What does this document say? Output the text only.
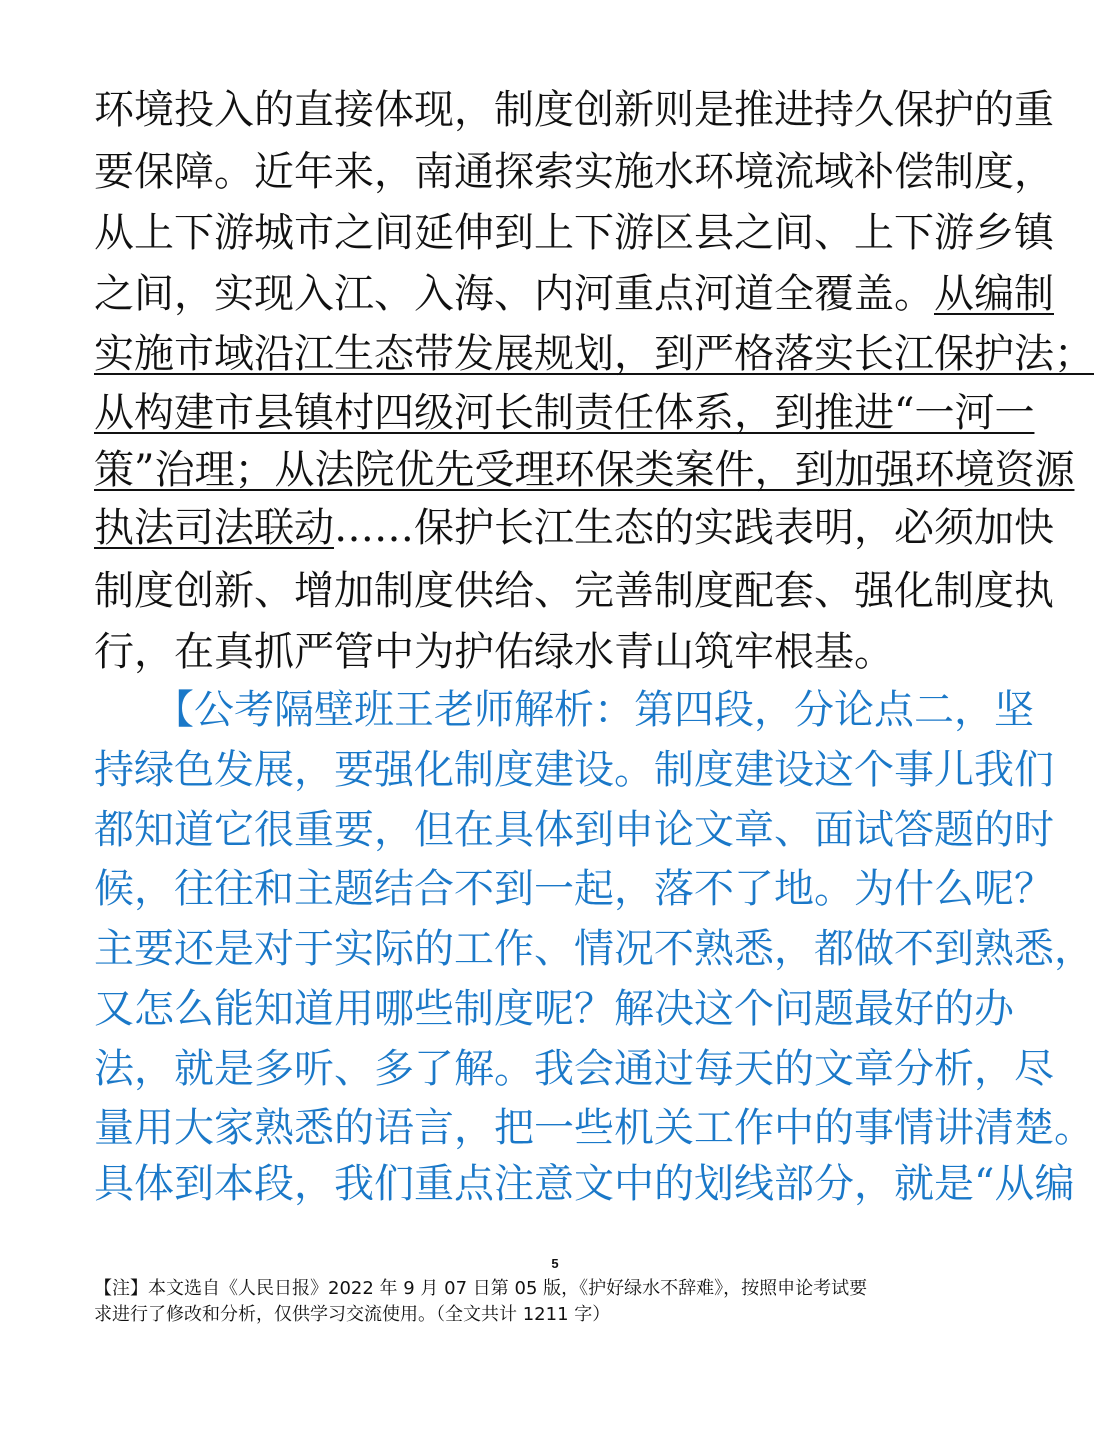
环境投入的直接体现，制度创新则是推进持久保护的重
要保障。近年来，南通探索实施水环境流域补偿制度，
从上下游城市之间延伸到上下游区县之间、上下游乡镇
之间，实现入江、入海、内河重点河道全覆盖。从编制
实施市域沿江生态带发展规划，到严格落实长江保护法；
从构建市县镇村四级河长制责任体系，到推进“一河一
策”治理；从法院优先受理环保类案件，到加强环境资源
执法司法联动……保护长江生态的实践表明，必须加快
制度创新、增加制度供给、完善制度配套、强化制度执
行，在真抓严管中为护佑绿水青山筑牢根基。
　　【公考隔壁班王老师解析：第四段，分论点二，坚
持绿色发展，要强化制度建设。制度建设这个事儿我们
都知道它很重要，但在具体到申论文章、面试答题的时
候，往往和主题结合不到一起，落不了地。为什么呢？
主要还是对于实际的工作、情况不熟悉，都做不到熟悉，
又怎么能知道用哪些制度呢？解决这个问题最好的办
法，就是多听、多了解。我会通过每天的文章分析，尽
量用大家熟悉的语言，把一些机关工作中的事情讲清楚。
具体到本段，我们重点注意文中的划线部分，就是“从编
5
【注】本文选自《人民日报》2022 年 9 月 07 日第 05 版，《护好绿水不辞难》，按照申论考试要
求进行了修改和分析，仅供学习交流使用。（全文共计 1211 字）
